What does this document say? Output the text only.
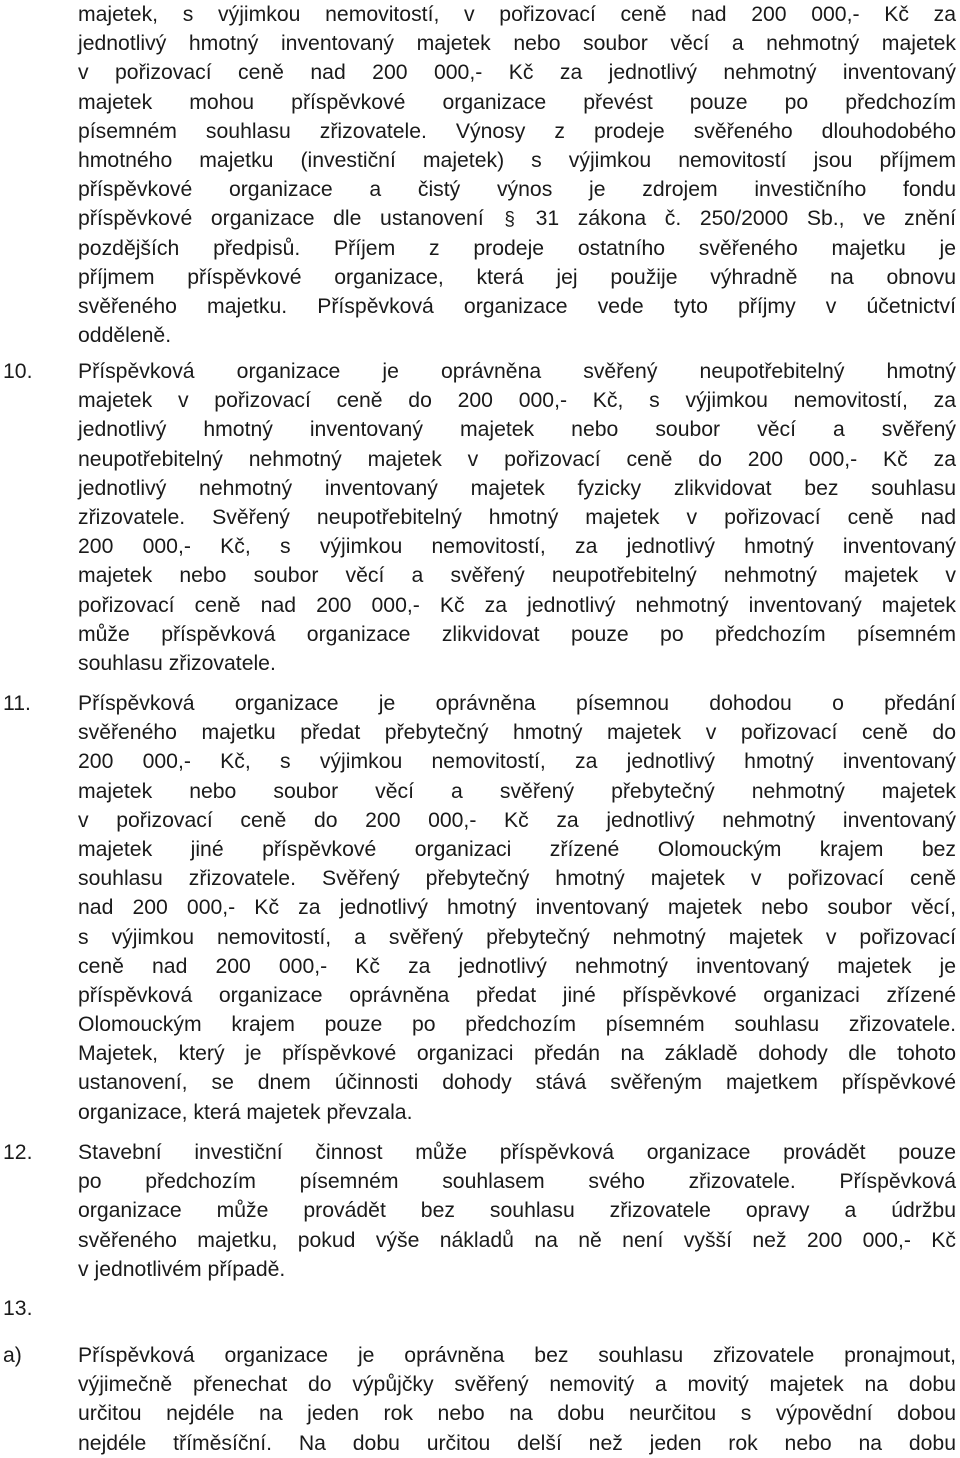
majetek, s výjimkou nemovitostí, v pořizovací ceně nad 200 000,- Kč za
jednotlivý hmotný inventovaný majetek nebo soubor věcí a nehmotný majetek
v pořizovací ceně nad 200 000,- Kč za jednotlivý nehmotný inventovaný
majetek mohou příspěvkové organizace převést pouze po předchozím
písemném souhlasu zřizovatele. Výnosy z prodeje svěřeného dlouhodobého
hmotného majetku (investiční majetek) s výjimkou nemovitostí jsou příjmem
příspěvkové organizace a čistý výnos je zdrojem investičního fondu
příspěvkové organizace dle ustanovení § 31 zákona č. 250/2000 Sb., ve znění
pozdějších předpisů. Příjem z prodeje ostatního svěřeného majetku je
příjmem příspěvkové organizace, která jej použije výhradně na obnovu
svěřeného majetku. Příspěvková organizace vede tyto příjmy v účetnictví
odděleně.
10.	Příspěvková organizace je oprávněna svěřený neupotřebitelný hmotný
majetek v pořizovací ceně do 200 000,- Kč, s výjimkou nemovitostí, za
jednotlivý hmotný inventovaný majetek nebo soubor věcí a svěřený
neupotřebitelný nehmotný majetek v pořizovací ceně do 200 000,- Kč za
jednotlivý nehmotný inventovaný majetek fyzicky zlikvidovat bez souhlasu
zřizovatele. Svěřený neupotřebitelný hmotný majetek v pořizovací ceně nad
200 000,- Kč, s výjimkou nemovitostí, za jednotlivý hmotný inventovaný
majetek nebo soubor věcí a svěřený neupotřebitelný nehmotný majetek v
pořizovací ceně nad 200 000,- Kč za jednotlivý nehmotný inventovaný majetek
může příspěvková organizace zlikvidovat pouze po předchozím písemném
souhlasu zřizovatele.
11.	Příspěvková organizace je oprávněna písemnou dohodou o předání
svěřeného majetku předat přebytečný hmotný majetek v pořizovací ceně do
200 000,- Kč, s výjimkou nemovitostí, za jednotlivý hmotný inventovaný
majetek nebo soubor věcí a svěřený přebytečný nehmotný majetek
v pořizovací ceně do 200 000,- Kč za jednotlivý nehmotný inventovaný
majetek jiné příspěvkové organizaci zřízené Olomouckým krajem bez
souhlasu zřizovatele. Svěřený přebytečný hmotný majetek v pořizovací ceně
nad 200 000,- Kč za jednotlivý hmotný inventovaný majetek nebo soubor věcí,
s výjimkou nemovitostí, a svěřený přebytečný nehmotný majetek v pořizovací
ceně nad 200 000,- Kč za jednotlivý nehmotný inventovaný majetek je
příspěvková organizace oprávněna předat jiné příspěvkové organizaci zřízené
Olomouckým krajem pouze po předchozím písemném souhlasu zřizovatele.
Majetek, který je příspěvkové organizaci předán na základě dohody dle tohoto
ustanovení, se dnem účinnosti dohody stává svěřeným majetkem příspěvkové
organizace, která majetek převzala.
12.	Stavební investiční činnost může příspěvková organizace provádět pouze
po předchozím písemném souhlasem svého zřizovatele. Příspěvková
organizace může provádět bez souhlasu zřizovatele opravy a údržbu
svěřeného majetku, pokud výše nákladů na ně není vyšší než 200 000,- Kč
v jednotlivém případě.
13.
a)	Příspěvková organizace je oprávněna bez souhlasu zřizovatele pronajmout,
výjimečně přenechat do výpůjčky svěřený nemovitý a movitý majetek na dobu
určitou nejdéle na jeden rok nebo na dobu neurčitou s výpovědní dobou
nejdéle tříměsíční. Na dobu určitou delší než jeden rok nebo na dobu
